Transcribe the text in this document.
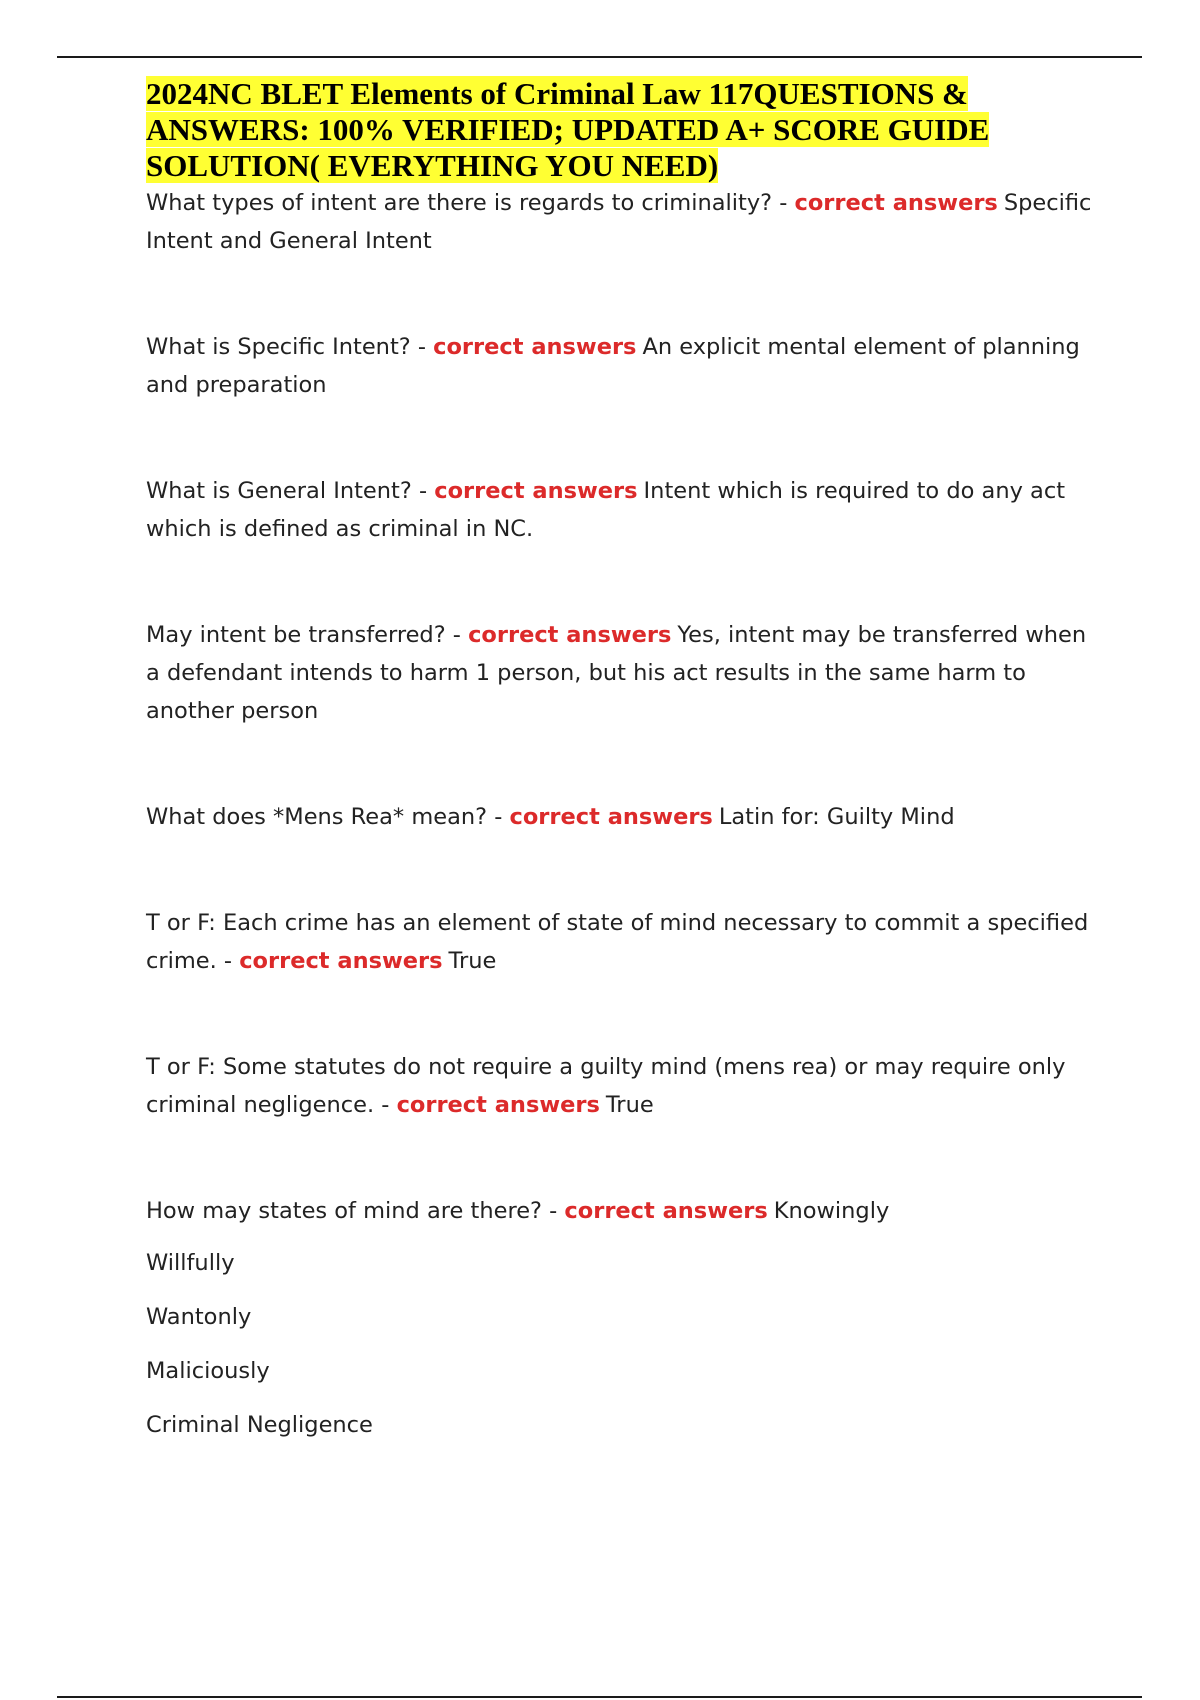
2024NC BLET Elements of Criminal Law 117QUESTIONS & ANSWERS: 100% VERIFIED; UPDATED A+ SCORE GUIDE SOLUTION( EVERYTHING YOU NEED)

What types of intent are there is regards to criminality? - correct answers Specific Intent and General Intent

What is Specific Intent? - correct answers An explicit mental element of planning and preparation

What is General Intent? - correct answers Intent which is required to do any act which is defined as criminal in NC.

May intent be transferred? - correct answers Yes, intent may be transferred when a defendant intends to harm 1 person, but his act results in the same harm to another person

What does *Mens Rea* mean? - correct answers Latin for: Guilty Mind

T or F: Each crime has an element of state of mind necessary to commit a specified crime. - correct answers True

T or F: Some statutes do not require a guilty mind (mens rea) or may require only criminal negligence. - correct answers True

How may states of mind are there? - correct answers Knowingly

Willfully

Wantonly

Maliciously

Criminal Negligence
